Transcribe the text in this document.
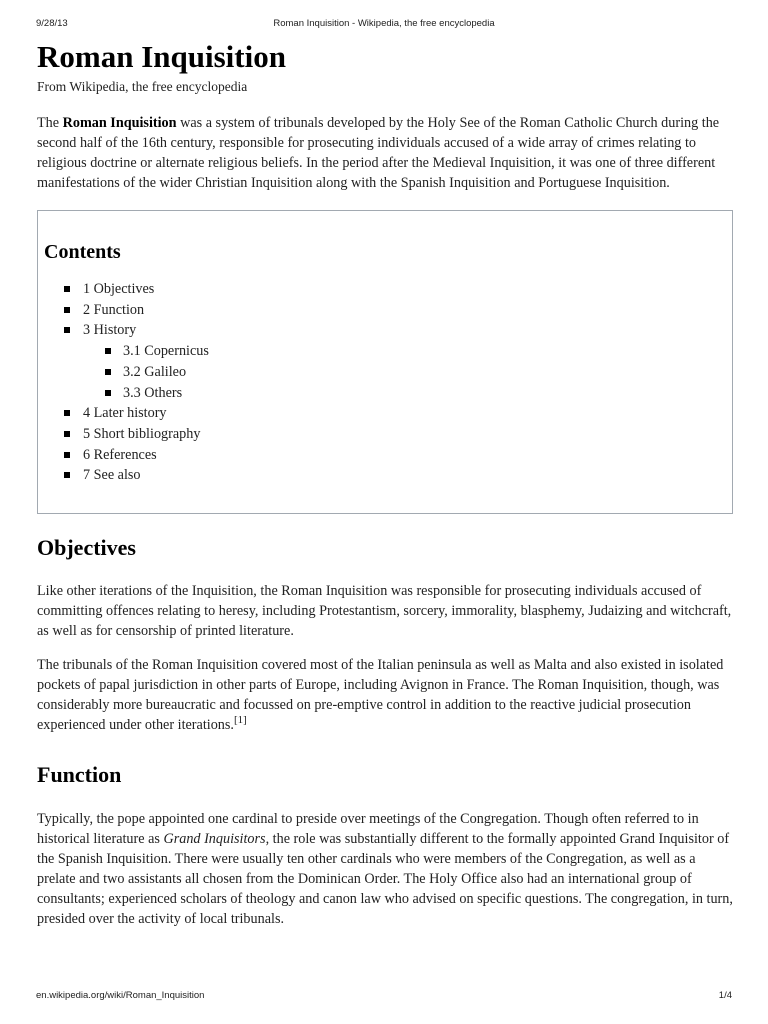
9/28/13	Roman Inquisition - Wikipedia, the free encyclopedia
Roman Inquisition
From Wikipedia, the free encyclopedia

The Roman Inquisition was a system of tribunals developed by the Holy See of the Roman Catholic Church during the second half of the 16th century, responsible for prosecuting individuals accused of a wide array of crimes relating to religious doctrine or alternate religious beliefs. In the period after the Medieval Inquisition, it was one of three different manifestations of the wider Christian Inquisition along with the Spanish Inquisition and Portuguese Inquisition.

Contents
1 Objectives
2 Function
3 History
3.1 Copernicus
3.2 Galileo
3.3 Others
4 Later history
5 Short bibliography
6 References
7 See also
Objectives

Like other iterations of the Inquisition, the Roman Inquisition was responsible for prosecuting individuals accused of committing offences relating to heresy, including Protestantism, sorcery, immorality, blasphemy, Judaizing and witchcraft, as well as for censorship of printed literature.

The tribunals of the Roman Inquisition covered most of the Italian peninsula as well as Malta and also existed in isolated pockets of papal jurisdiction in other parts of Europe, including Avignon in France. The Roman Inquisition, though, was considerably more bureaucratic and focussed on pre-emptive control in addition to the reactive judicial prosecution experienced under other iterations.[1]

Function

Typically, the pope appointed one cardinal to preside over meetings of the Congregation. Though often referred to in historical literature as Grand Inquisitors, the role was substantially different to the formally appointed Grand Inquisitor of the Spanish Inquisition. There were usually ten other cardinals who were members of the Congregation, as well as a prelate and two assistants all chosen from the Dominican Order. The Holy Office also had an international group of consultants; experienced scholars of theology and canon law who advised on specific questions. The congregation, in turn, presided over the activity of local tribunals.

en.wikipedia.org/wiki/Roman_Inquisition	1/4
